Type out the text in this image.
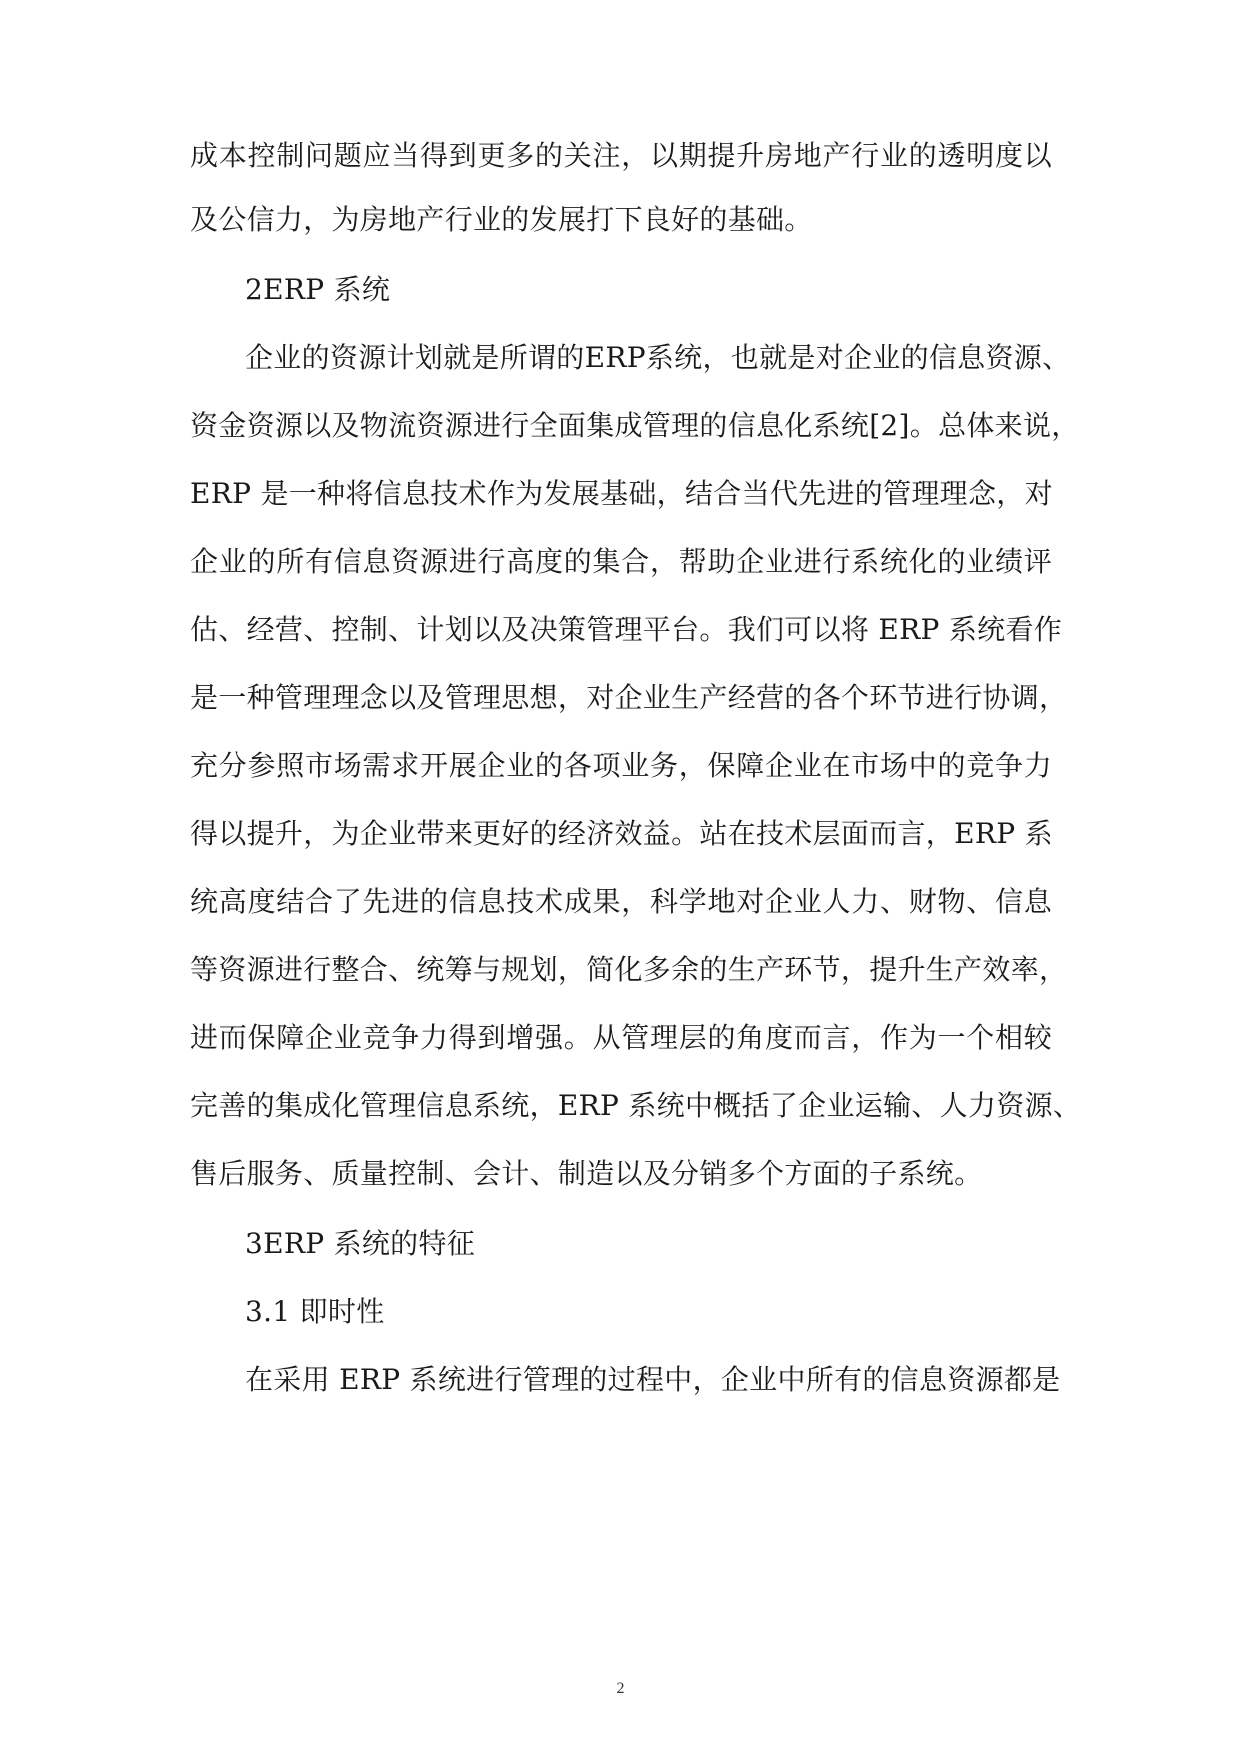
成本控制问题应当得到更多的关注，以期提升房地产行业的透明度以
及公信力，为房地产行业的发展打下良好的基础。
2ERP 系统
企业的资源计划就是所谓的ERP系统，也就是对企业的信息资源、
资金资源以及物流资源进行全面集成管理的信息化系统[2]。总体来说，
ERP 是一种将信息技术作为发展基础，结合当代先进的管理理念，对
企业的所有信息资源进行高度的集合，帮助企业进行系统化的业绩评
估、经营、控制、计划以及决策管理平台。我们可以将 ERP 系统看作
是一种管理理念以及管理思想，对企业生产经营的各个环节进行协调，
充分参照市场需求开展企业的各项业务，保障企业在市场中的竞争力
得以提升，为企业带来更好的经济效益。站在技术层面而言，ERP 系
统高度结合了先进的信息技术成果，科学地对企业人力、财物、信息
等资源进行整合、统筹与规划，简化多余的生产环节，提升生产效率，
进而保障企业竞争力得到增强。从管理层的角度而言，作为一个相较
完善的集成化管理信息系统，ERP 系统中概括了企业运输、人力资源、
售后服务、质量控制、会计、制造以及分销多个方面的子系统。
3ERP 系统的特征
3.1 即时性
在采用 ERP 系统进行管理的过程中，企业中所有的信息资源都是
2
